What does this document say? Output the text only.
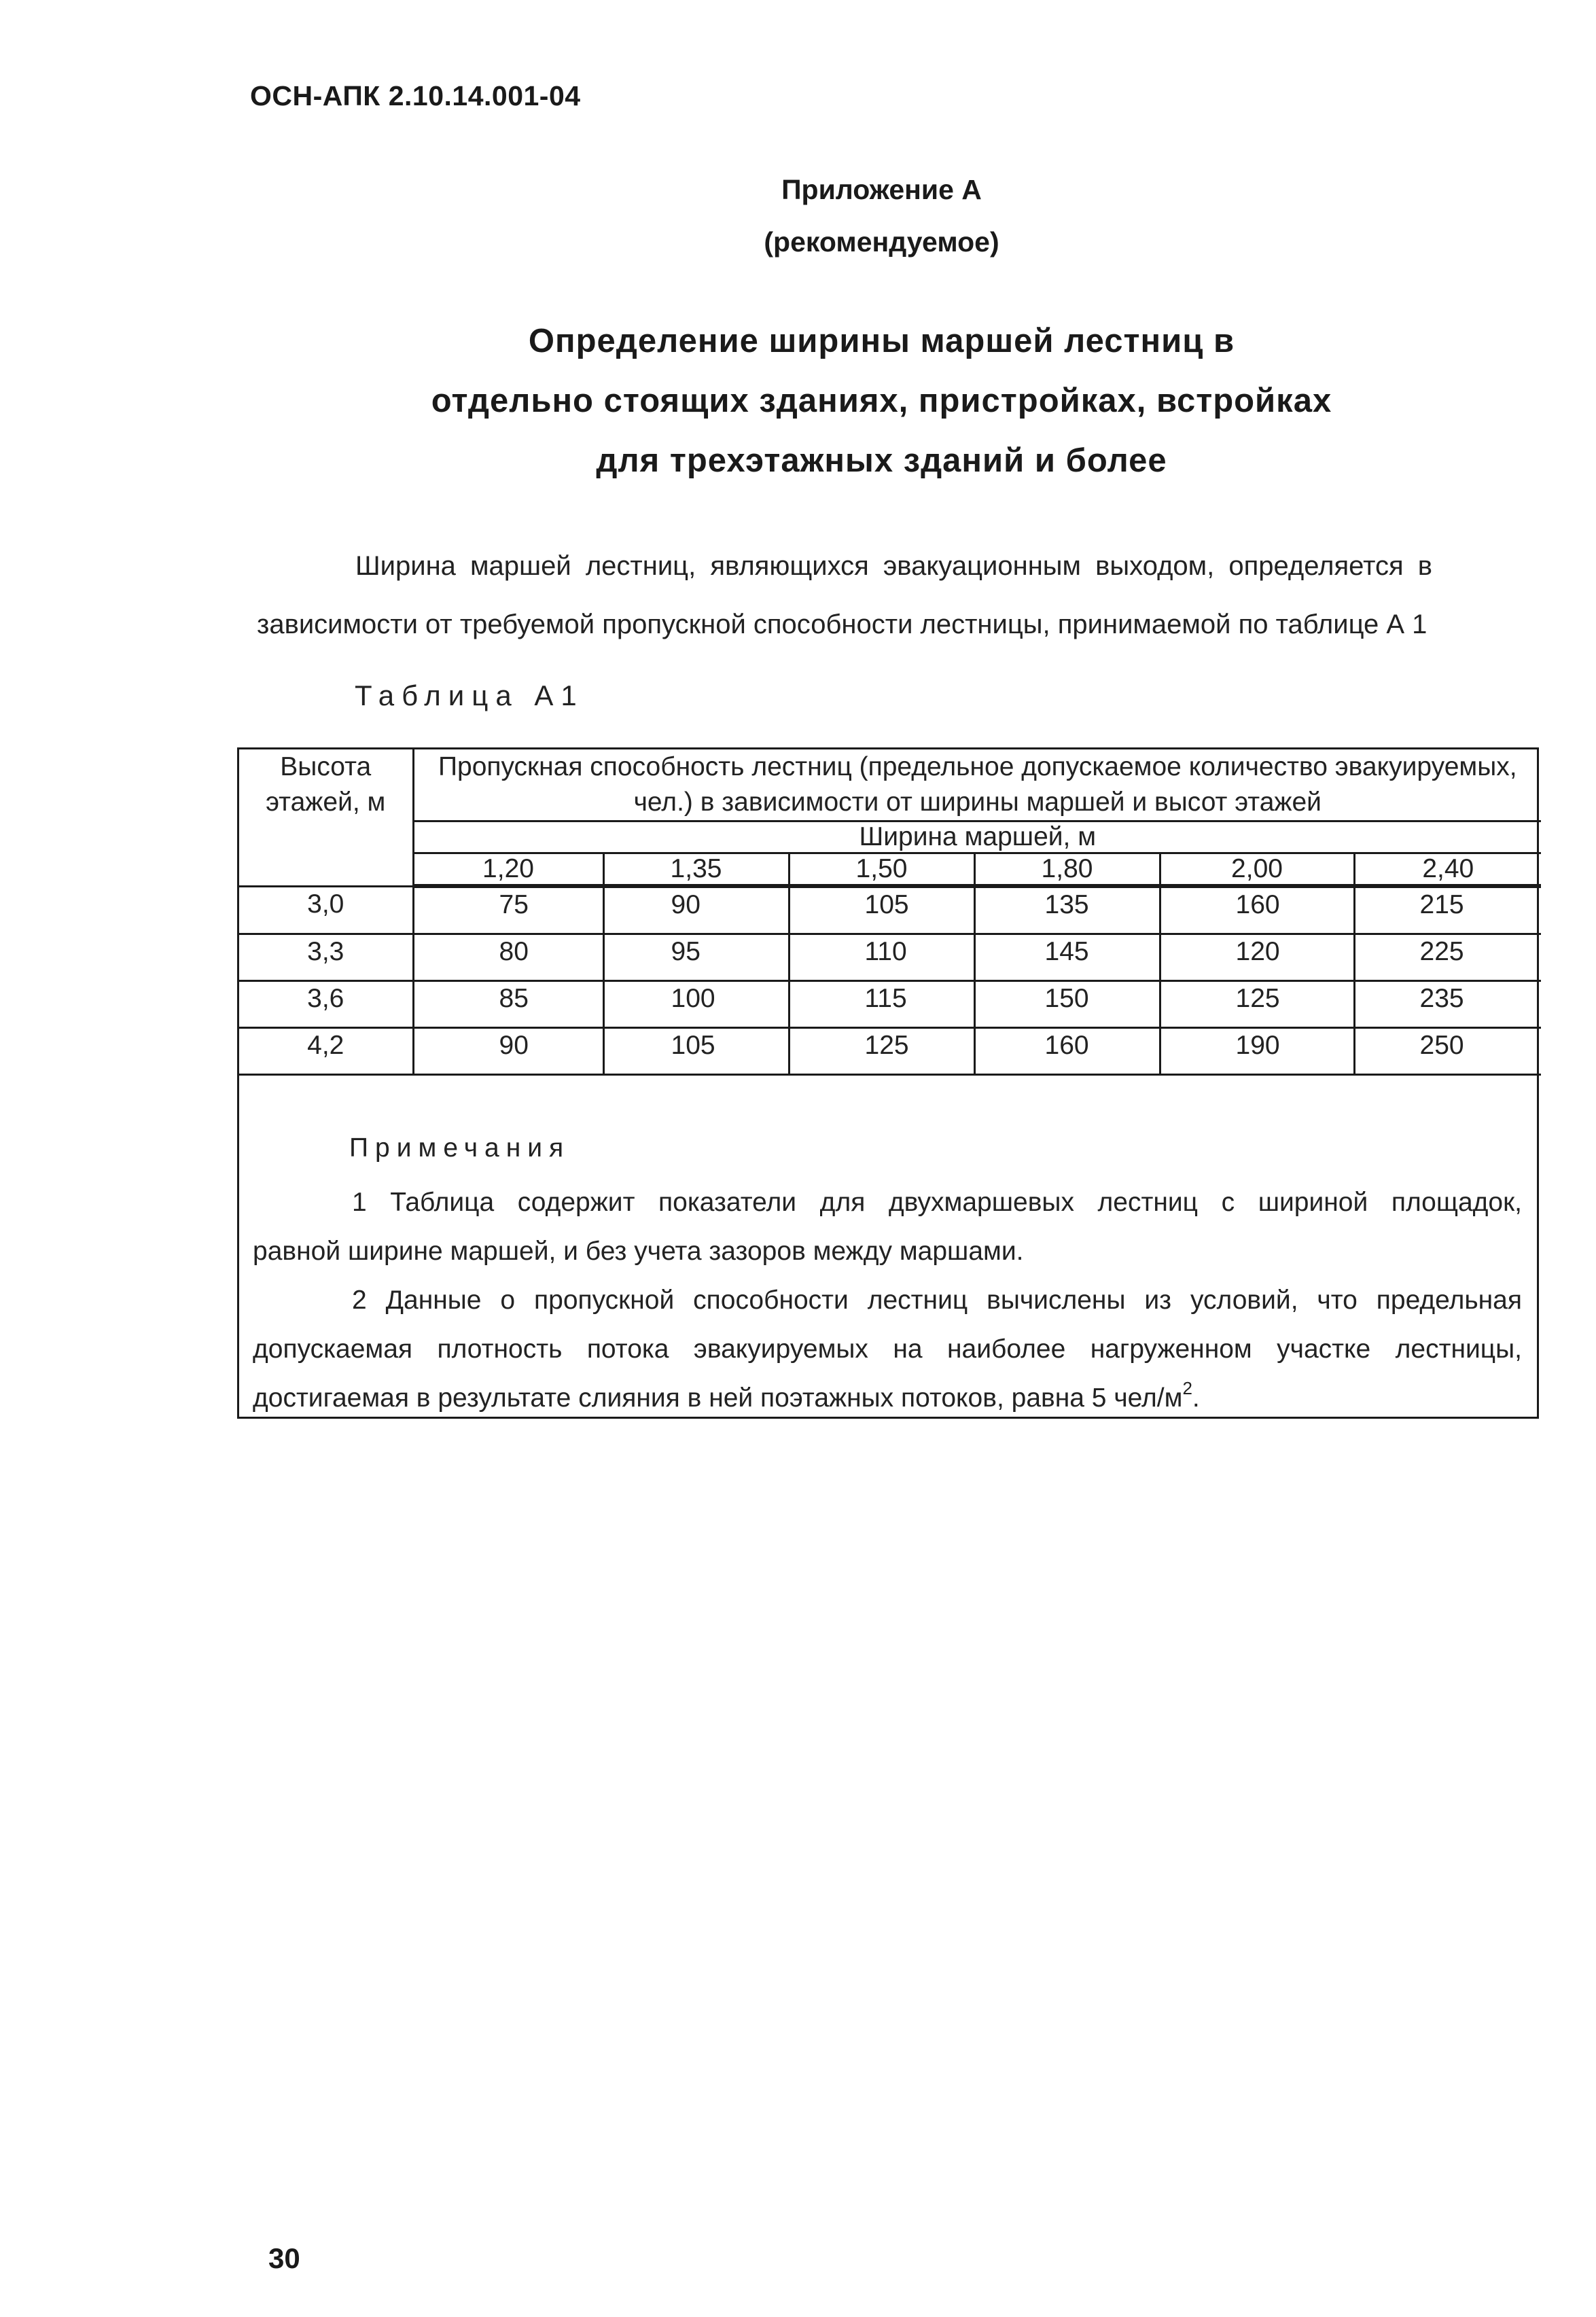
ОСН-АПК 2.10.14.001-04
Приложение А
(рекомендуемое)
Определение ширины маршей лестниц в
отдельно стоящих зданиях, пристройках, встройках
для трехэтажных зданий и более
Ширина маршей лестниц, являющихся эвакуационным выходом, определяется в
зависимости от требуемой пропускной способности лестницы, принимаемой по таблице А 1
Таблица А1
Высота этажей, м	Пропускная способность лестниц (предельное допускаемое количество эвакуируемых, чел.) в зависимости от ширины маршей и высот этажей					
	Ширина маршей, м					
	1,20	1,35	1,50	1,80	2,00	2,40
3,0	75	90	105	135	160	215
3,3	80	95	110	145	120	225
3,6	85	100	115	150	125	235
4,2	90	105	125	160	190	250
Примечания
1 Таблица содержит показатели для двухмаршевых лестниц с шириной площадок,
равной ширине маршей, и без учета зазоров между маршами.
2 Данные о пропускной способности лестниц вычислены из условий, что предельная
допускаемая плотность потока эвакуируемых на наиболее нагруженном участке лестницы,
достигаемая в результате слияния в ней поэтажных потоков, равна 5 чел/$м^2$.
30
